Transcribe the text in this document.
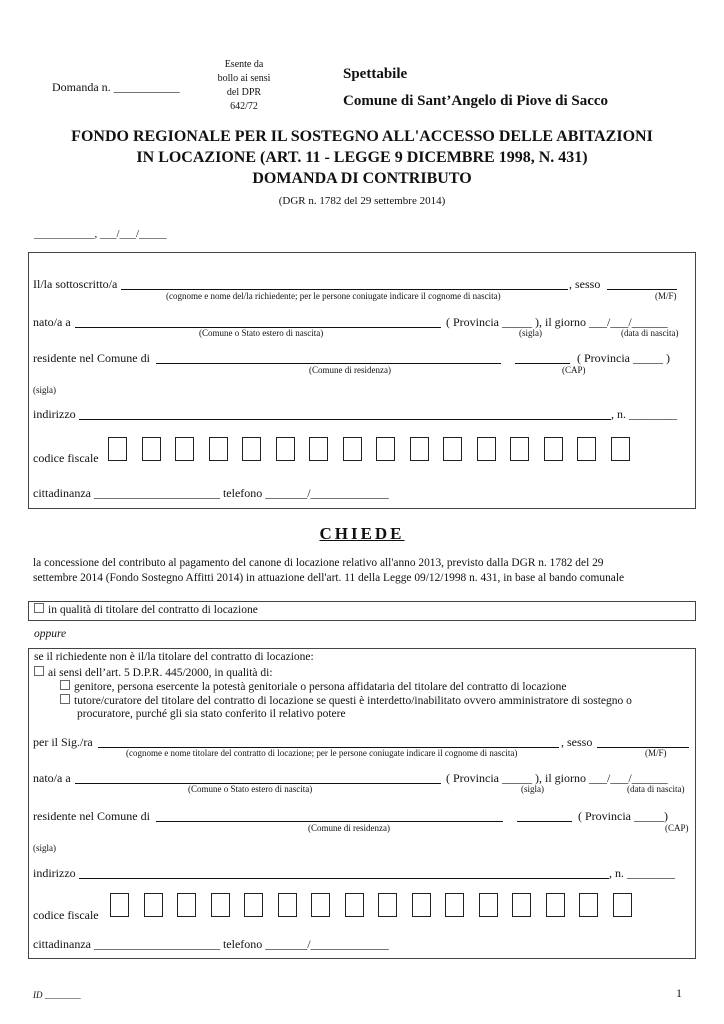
Domanda n. ___________
Esente da
bollo ai sensi
del DPR
642/72
Spettabile
Comune di Sant’Angelo di Piove di Sacco
FONDO REGIONALE PER IL SOSTEGNO ALL'ACCESSO DELLE ABITAZIONI
IN LOCAZIONE (ART. 11 - LEGGE 9 DICEMBRE 1998, N. 431)
DOMANDA DI CONTRIBUTO
(DGR n. 1782 del 29 settembre 2014)
___________, ___/___/_____
Il/la sottoscritto/a	, sesso
(cognome e nome del/la richiedente; per le persone coniugate indicare il cognome di nascita)	(M/F)
nato/a a	( Provincia _____ ), il giorno ___/___/______
(Comune o Stato estero di nascita)	(sigla)	(data di nascita)
residente nel Comune di	( Provincia _____ )
(Comune di residenza)	(CAP)
(sigla)
indirizzo	, n. ________
codice fiscale
cittadinanza _____________________ telefono _______/_____________
CHIEDE
la concessione del contributo al pagamento del canone di locazione relativo all'anno 2013, previsto dalla DGR n. 1782 del 29
settembre 2014 (Fondo Sostegno Affitti 2014) in attuazione dell'art. 11 della Legge 09/12/1998 n. 431, in base al bando comunale
in qualità di titolare del contratto di locazione
oppure
se il richiedente non è il/la titolare del contratto di locazione:
ai sensi dell’art. 5 D.P.R. 445/2000, in qualità di:
genitore, persona esercente la potestà genitoriale o persona affidataria del titolare del contratto di locazione
tutore/curatore del titolare del contratto di locazione se questi è interdetto/inabilitato ovvero amministratore di sostegno o
procuratore, purché gli sia stato conferito il relativo potere
per il Sig./ra	, sesso
(cognome e nome titolare del contratto di locazione; per le persone coniugate indicare il cognome di nascita)	(M/F)
nato/a a	( Provincia _____ ), il giorno ___/___/______
(Comune o Stato estero di nascita)	(sigla)	(data di nascita)
residente nel Comune di	( Provincia _____)
(Comune di residenza)	(CAP)
(sigla)
indirizzo	, n. ________
codice fiscale
cittadinanza _____________________ telefono _______/_____________
ID ________	1
